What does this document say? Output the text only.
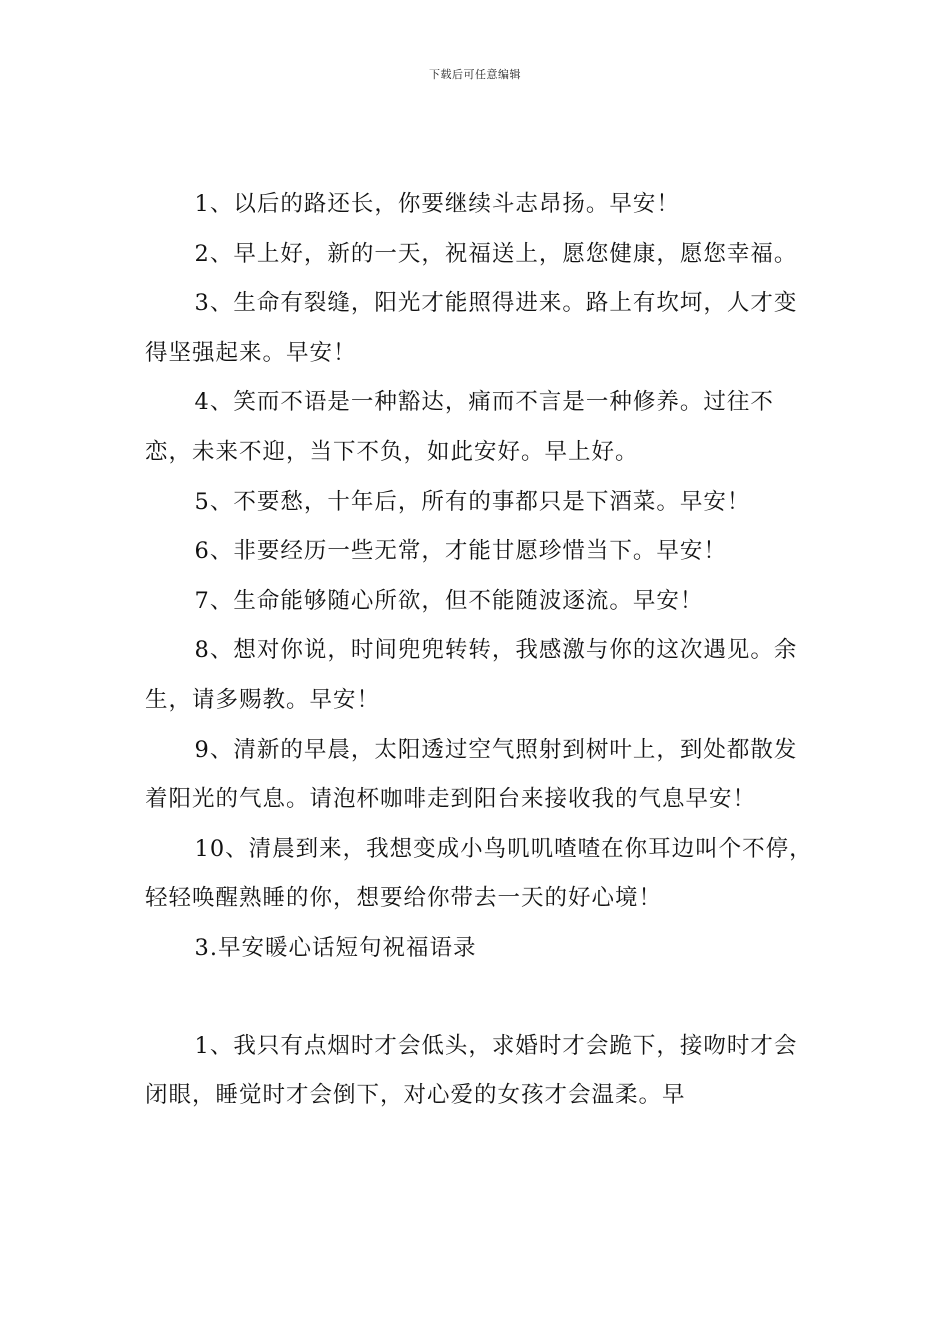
下载后可任意编辑

1、以后的路还长，你要继续斗志昂扬。早安！

2、早上好，新的一天，祝福送上，愿您健康，愿您幸福。

3、生命有裂缝，阳光才能照得进来。路上有坎坷，人才变得坚强起来。早安！

4、笑而不语是一种豁达，痛而不言是一种修养。过往不恋，未来不迎，当下不负，如此安好。早上好。

5、不要愁，十年后，所有的事都只是下酒菜。早安！

6、非要经历一些无常，才能甘愿珍惜当下。早安！

7、生命能够随心所欲，但不能随波逐流。早安！

8、想对你说，时间兜兜转转，我感激与你的这次遇见。余生，请多赐教。早安！

9、清新的早晨，太阳透过空气照射到树叶上，到处都散发着阳光的气息。请泡杯咖啡走到阳台来接收我的气息早安！

10、清晨到来，我想变成小鸟叽叽喳喳在你耳边叫个不停，轻轻唤醒熟睡的你，想要给你带去一天的好心境！

3.早安暖心话短句祝福语录

1、我只有点烟时才会低头，求婚时才会跪下，接吻时才会闭眼，睡觉时才会倒下，对心爱的女孩才会温柔。早
